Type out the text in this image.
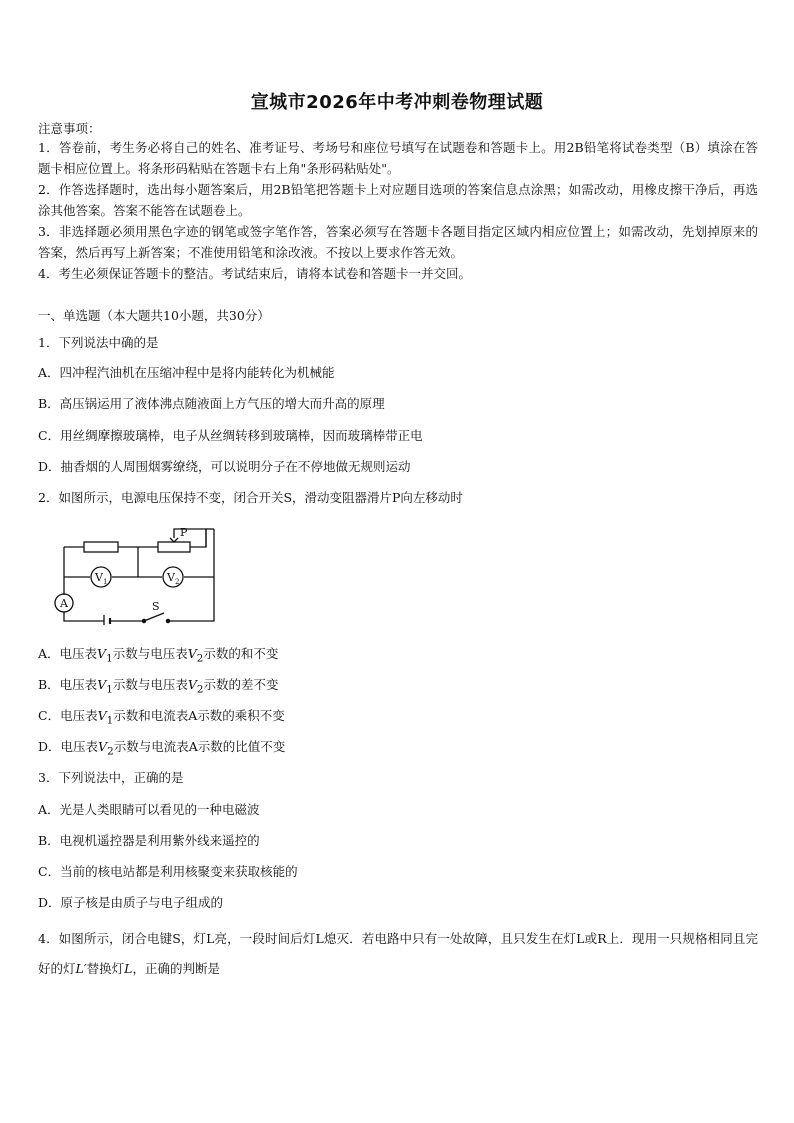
宣城市2026年中考冲刺卷物理试题
注意事项：
1．答卷前，考生务必将自己的姓名、准考证号、考场号和座位号填写在试题卷和答题卡上。用2B铅笔将试卷类型（B）填涂在答题卡相应位置上。将条形码粘贴在答题卡右上角"条形码粘贴处"。
2．作答选择题时，选出每小题答案后，用2B铅笔把答题卡上对应题目选项的答案信息点涂黑；如需改动，用橡皮擦干净后，再选涂其他答案。答案不能答在试题卷上。
3．非选择题必须用黑色字迹的钢笔或签字笔作答，答案必须写在答题卡各题目指定区域内相应位置上；如需改动，先划掉原来的答案，然后再写上新答案；不准使用铅笔和涂改液。不按以上要求作答无效。
4．考生必须保证答题卡的整洁。考试结束后，请将本试卷和答题卡一并交回。
一、单选题（本大题共10小题，共30分）
1．下列说法中确的是
A．四冲程汽油机在压缩冲程中是将内能转化为机械能
B．高压锅运用了液体沸点随液面上方气压的增大而升高的原理
C．用丝绸摩擦玻璃棒，电子从丝绸转移到玻璃棒，因而玻璃棒带正电
D．抽香烟的人周围烟雾缭绕，可以说明分子在不停地做无规则运动
2．如图所示，电源电压保持不变，闭合开关S，滑动变阻器滑片P向左移动时
P
V 1	V 2
A	S
A．电压表$V_1$示数与电压表$V_2$示数的和不变
B．电压表$V_1$示数与电压表$V_2$示数的差不变
C．电压表$V_1$示数和电流表A示数的乘积不变
D．电压表$V_2$示数与电流表A示数的比值不变
3．下列说法中，正确的是
A．光是人类眼睛可以看见的一种电磁波
B．电视机遥控器是利用紫外线来遥控的
C．当前的核电站都是利用核聚变来获取核能的
D．原子核是由质子与电子组成的
4．如图所示，闭合电键S，灯L亮，一段时间后灯L熄灭．若电路中只有一处故障，且只发生在灯L或R上．现用一只规格相同且完好的灯L′替换灯L，正确的判断是
